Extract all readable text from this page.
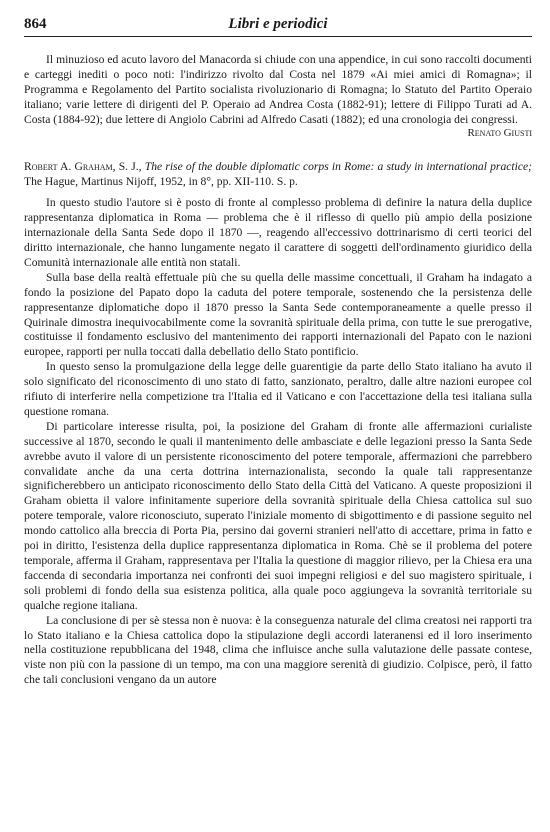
864	Libri e periodici

Il minuzioso ed acuto lavoro del Manacorda si chiude con una appendice, in cui sono raccolti documenti e carteggi inediti o poco noti: l'indirizzo rivolto dal Costa nel 1879 «Ai miei amici di Romagna»; il Programma e Regolamento del Partito socialista rivoluzionario di Romagna; lo Statuto del Partito Operaio italiano; varie lettere di dirigenti del P. Operaio ad Andrea Costa (1882-91); lettere di Filippo Turati ad A. Costa (1884-92); due lettere di Angiolo Cabrini ad Alfredo Casati (1882); ed una cronologia dei congressi.

Renato Giusti

Robert A. Graham, S. J., The rise of the double diplomatic corps in Rome: a study in international practice; The Hague, Martinus Nijoff, 1952, in 8°, pp. XII-110. S. p.

In questo studio l'autore si è posto di fronte al complesso problema di definire la natura della duplice rappresentanza diplomatica in Roma — problema che è il riflesso di quello più ampio della posizione internazionale della Santa Sede dopo il 1870 —, reagendo all'eccessivo dottrinarismo di certi teorici del diritto internazionale, che hanno lungamente negato il carattere di soggetti dell'ordinamento giuridico della Comunità internazionale alle entità non statali.

Sulla base della realtà effettuale più che su quella delle massime concettuali, il Graham ha indagato a fondo la posizione del Papato dopo la caduta del potere temporale, sostenendo che la persistenza delle rappresentanze diplomatiche dopo il 1870 presso la Santa Sede contemporaneamente a quelle presso il Quirinale dimostra inequivocabilmente come la sovranità spirituale della prima, con tutte le sue prerogative, costituisse il fondamento esclusivo del mantenimento dei rapporti internazionali del Papato con le nazioni europee, rapporti per nulla toccati dalla debellatio dello Stato pontificio.

In questo senso la promulgazione della legge delle guarentigie da parte dello Stato italiano ha avuto il solo significato del riconoscimento di uno stato di fatto, sanzionato, peraltro, dalle altre nazioni europee col rifiuto di interferire nella competizione tra l'Italia ed il Vaticano e con l'accettazione della tesi italiana sulla questione romana.

Di particolare interesse risulta, poi, la posizione del Graham di fronte alle affermazioni curialiste successive al 1870, secondo le quali il mantenimento delle ambasciate e delle legazioni presso la Santa Sede avrebbe avuto il valore di un persistente riconoscimento del potere temporale, affermazioni che parrebbero convalidate anche da una certa dottrina internazionalista, secondo la quale tali rappresentanze significherebbero un anticipato riconoscimento dello Stato della Città del Vaticano. A queste proposizioni il Graham obietta il valore infinitamente superiore della sovranità spirituale della Chiesa cattolica sul suo potere temporale, valore riconosciuto, superato l'iniziale momento di sbigottimento e di passione seguito nel mondo cattolico alla breccia di Porta Pia, persino dai governi stranieri nell'atto di accettare, prima in fatto e poi in diritto, l'esistenza della duplice rappresentanza diplomatica in Roma. Chè se il problema del potere temporale, afferma il Graham, rappresentava per l'Italia la questione di maggior rilievo, per la Chiesa era una faccenda di secondaria importanza nei confronti dei suoi impegni religiosi e del suo magistero spirituale, i soli problemi di fondo della sua esistenza politica, alla quale poco aggiungeva la sovranità territoriale su qualche regione italiana.

La conclusione di per sè stessa non è nuova: è la conseguenza naturale del clima creatosi nei rapporti tra lo Stato italiano e la Chiesa cattolica dopo la stipulazione degli accordi lateranensi ed il loro inserimento nella costituzione repubblicana del 1948, clima che influisce anche sulla valutazione delle passate contese, viste non più con la passione di un tempo, ma con una maggiore serenità di giudizio. Colpisce, però, il fatto che tali conclusioni vengano da un autore
